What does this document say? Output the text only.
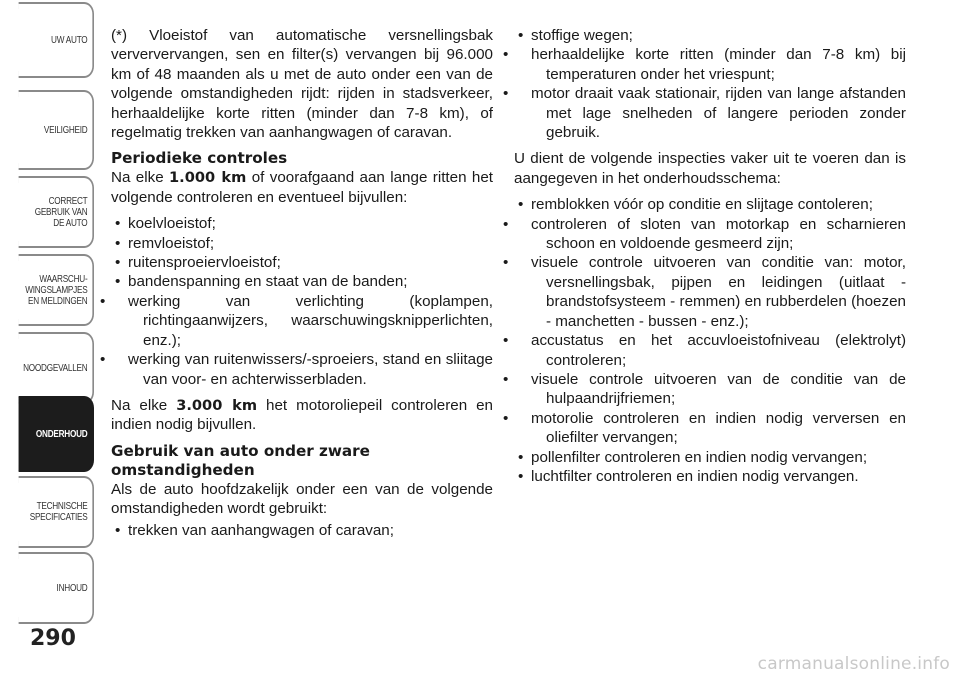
UW AUTO
VEILIGHEID
CORRECT
GEBRUIK VAN
DE AUTO
WAARSCHU-
WINGSLAMPJES
EN MELDINGEN
NOODGEVALLEN
ONDERHOUD
TECHNISCHE
SPECIFICATIES
INHOUD
290

(*) Vloeistof van automatische versnellingsbak verververvangen, sen en filter(s) vervangen bij 96.000 km of 48 maanden als u met de auto onder een van de volgende omstandigheden rijdt: rijden in stadsverkeer, herhaaldelijke korte ritten (minder dan 7-8 km), of regelmatig trekken van aanhangwagen of caravan.

Periodieke controles

Na elke 1.000 km of voorafgaand aan lange ritten het volgende controleren en eventueel bijvullen:

• koelvloeistof;
• remvloeistof;
• ruitensproeiervloeistof;
• bandenspanning en staat van de banden;
• werking van verlichting (koplampen, richtingaanwijzers, waarschuwingsknipperlichten, enz.);
• werking van ruitenwissers/-sproeiers, stand en sliitage van voor- en achterwisserbladen.

Na elke 3.000 km het motoroliepeil controleren en indien nodig bijvullen.

Gebruik van auto onder zware
omstandigheden

Als de auto hoofdzakelijk onder een van de volgende omstandigheden wordt gebruikt:

• trekken van aanhangwagen of caravan;
• stoffige wegen;
• herhaaldelijke korte ritten (minder dan 7-8 km) bij temperaturen onder het vriespunt;
• motor draait vaak stationair, rijden van lange afstanden met lage snelheden of langere perioden zonder gebruik.

U dient de volgende inspecties vaker uit te voeren dan is aangegeven in het onderhoudsschema:

• remblokken vóór op conditie en slijtage contoleren;
• controleren of sloten van motorkap en scharnieren schoon en voldoende gesmeerd zijn;
• visuele controle uitvoeren van conditie van: motor, versnellingsbak, pijpen en leidingen (uitlaat - brandstofsysteem - remmen) en rubberdelen (hoezen - manchetten - bussen - enz.);
• accustatus en het accuvloeistofniveau (elektrolyt) controleren;
• visuele controle uitvoeren van de conditie van de hulpaandrijfriemen;
• motorolie controleren en indien nodig verversen en oliefilter vervangen;
• pollenfilter controleren en indien nodig vervangen;
• luchtfilter controleren en indien nodig vervangen.
carmanualsonline.info
